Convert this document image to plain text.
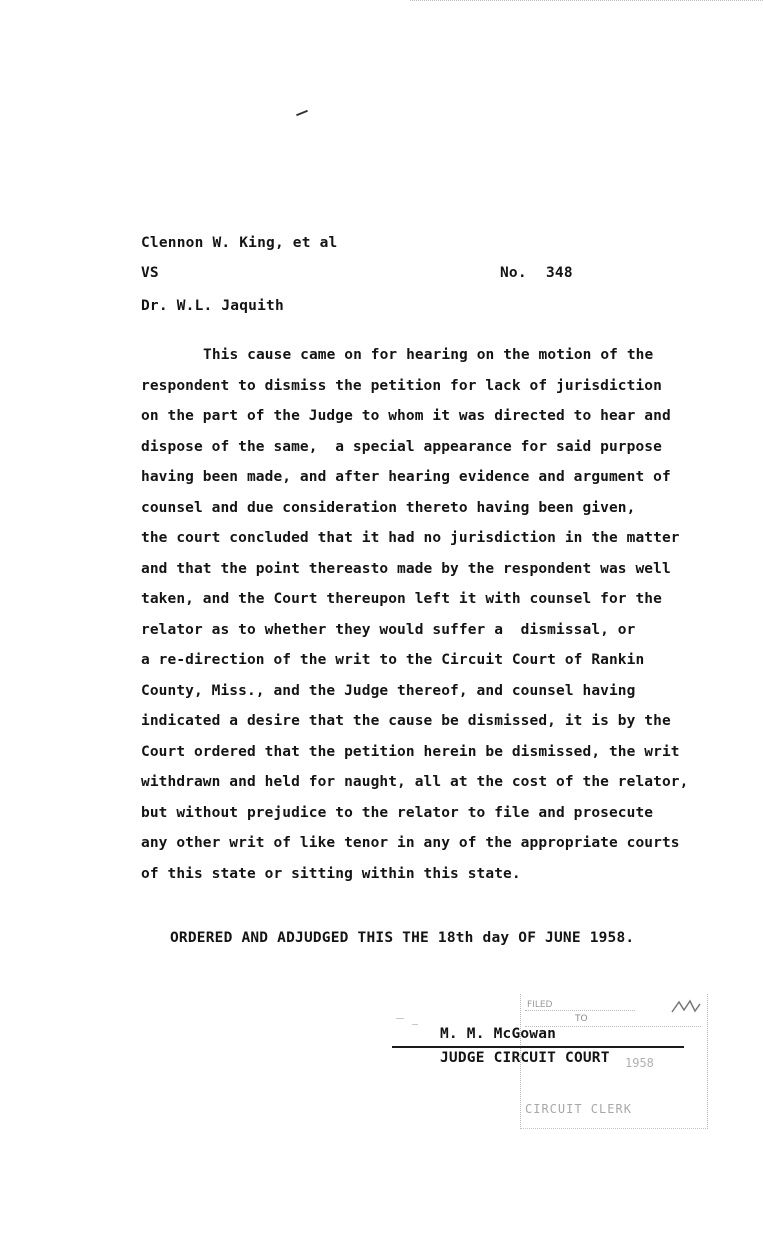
Clennon W. King, et al
VS	No. 348
Dr. W.L. Jaquith
This cause came on for hearing on the motion of the
respondent to dismiss the petition for lack of jurisdiction
on the part of the Judge to whom it was directed to hear and
dispose of the same,  a special appearance for said purpose
having been made, and after hearing evidence and argument of
counsel and due consideration thereto having been given,
the court concluded that it had no jurisdiction in the matter
and that the point thereasto made by the respondent was well
taken, and the Court thereupon left it with counsel for the
relator as to whether they would suffer a  dismissal, or
a re-direction of the writ to the Circuit Court of Rankin
County, Miss., and the Judge thereof, and counsel having
indicated a desire that the cause be dismissed, it is by the
Court ordered that the petition herein be dismissed, the writ
withdrawn and held for naught, all at the cost of the relator,
but without prejudice to the relator to file and prosecute
any other writ of like tenor in any of the appropriate courts
of this state or sitting within this state.
ORDERED AND ADJUDGED THIS THE 18th day OF JUNE 1958.
FILED
TO
1958
CIRCUIT CLERK
M. M. McGowan
JUDGE CIRCUIT COURT
